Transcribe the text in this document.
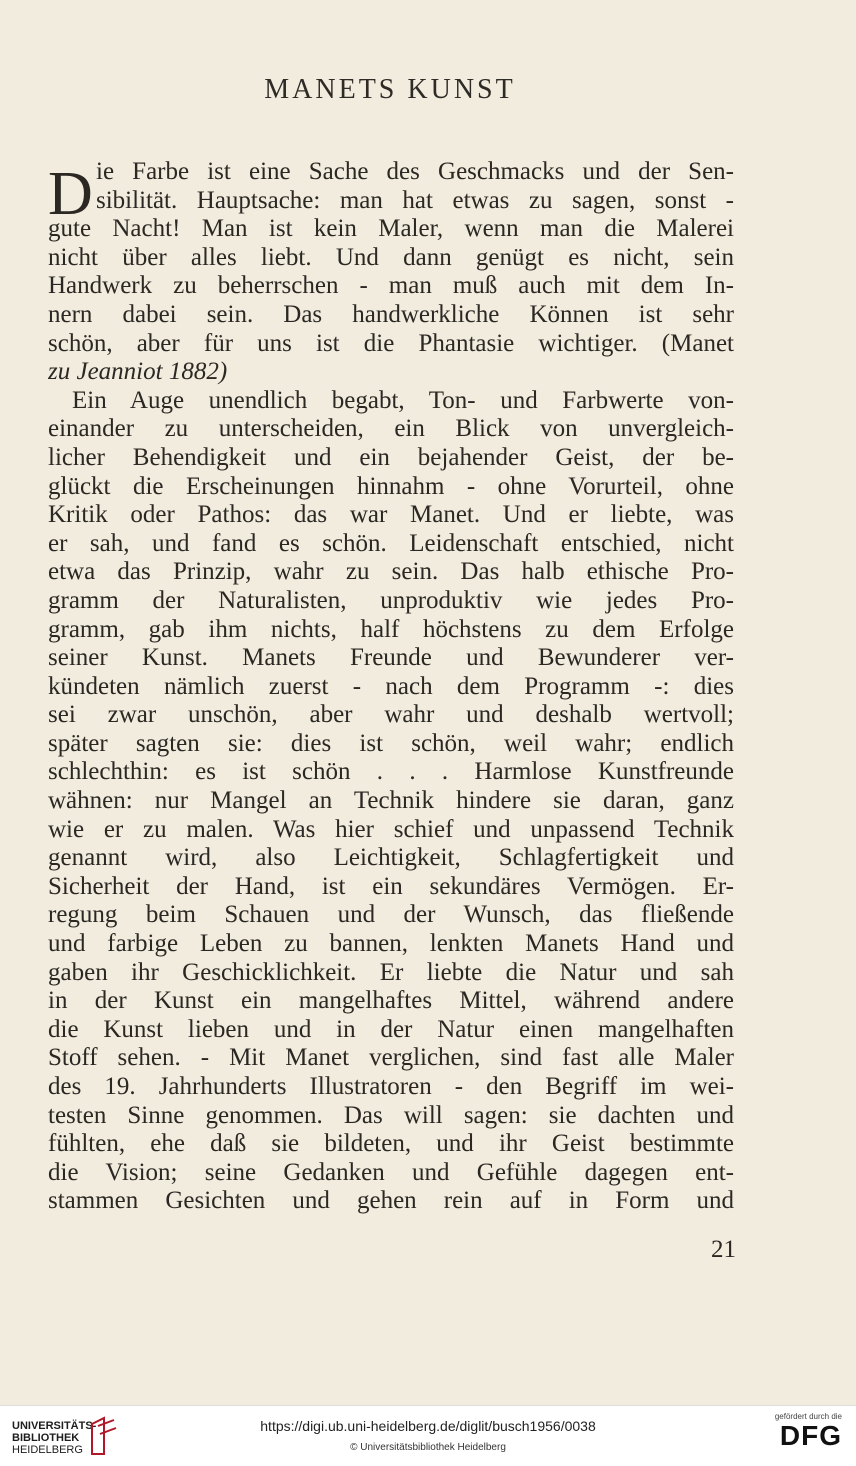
MANETS KUNST
D ie Farbe ist eine Sache des Geschmacks und der Sen-
sibilität. Hauptsache: man hat etwas zu sagen, sonst -
gute Nacht! Man ist kein Maler, wenn man die Malerei
nicht über alles liebt. Und dann genügt es nicht, sein
Handwerk zu beherrschen - man muß auch mit dem In-
nern dabei sein. Das handwerkliche Können ist sehr
schön, aber für uns ist die Phantasie wichtiger. (Manet
zu Jeanniot 1882)
Ein Auge unendlich begabt, Ton- und Farbwerte von-
einander zu unterscheiden, ein Blick von unvergleich-
licher Behendigkeit und ein bejahender Geist, der be-
glückt die Erscheinungen hinnahm - ohne Vorurteil, ohne
Kritik oder Pathos: das war Manet. Und er liebte, was
er sah, und fand es schön. Leidenschaft entschied, nicht
etwa das Prinzip, wahr zu sein. Das halb ethische Pro-
gramm der Naturalisten, unproduktiv wie jedes Pro-
gramm, gab ihm nichts, half höchstens zu dem Erfolge
seiner Kunst. Manets Freunde und Bewunderer ver-
kündeten nämlich zuerst - nach dem Programm -: dies
sei zwar unschön, aber wahr und deshalb wertvoll;
später sagten sie: dies ist schön, weil wahr; endlich
schlechthin: es ist schön . . . Harmlose Kunstfreunde
wähnen: nur Mangel an Technik hindere sie daran, ganz
wie er zu malen. Was hier schief und unpassend Technik
genannt wird, also Leichtigkeit, Schlagfertigkeit und
Sicherheit der Hand, ist ein sekundäres Vermögen. Er-
regung beim Schauen und der Wunsch, das fließende
und farbige Leben zu bannen, lenkten Manets Hand und
gaben ihr Geschicklichkeit. Er liebte die Natur und sah
in der Kunst ein mangelhaftes Mittel, während andere
die Kunst lieben und in der Natur einen mangelhaften
Stoff sehen. - Mit Manet verglichen, sind fast alle Maler
des 19. Jahrhunderts Illustratoren - den Begriff im wei-
testen Sinne genommen. Das will sagen: sie dachten und
fühlten, ehe daß sie bildeten, und ihr Geist bestimmte
die Vision; seine Gedanken und Gefühle dagegen ent-
stammen Gesichten und gehen rein auf in Form und
21
UNIVERSITÄTS-
BIBLIOTHEK
HEIDELBERG
https://digi.ub.uni-heidelberg.de/diglit/busch1956/0038
© Universitätsbibliothek Heidelberg
gefördert durch die
DFG
